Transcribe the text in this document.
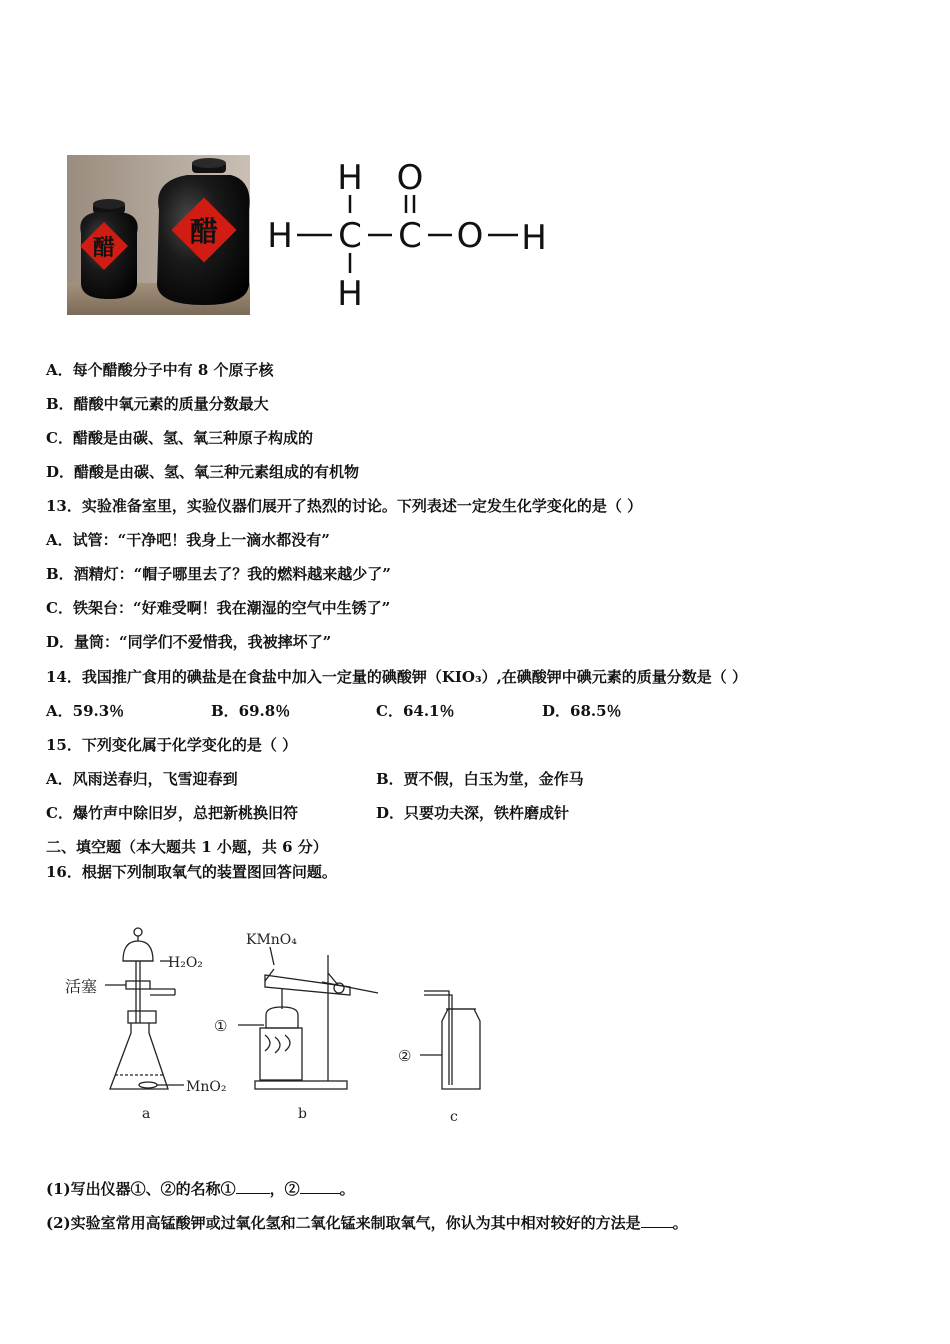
醋	醋
H O
H C C O H
H
A．每个醋酸分子中有 8 个原子核
B．醋酸中氧元素的质量分数最大
C．醋酸是由碳、氢、氧三种原子构成的
D．醋酸是由碳、氢、氧三种元素组成的有机物
13．实验准备室里，实验仪器们展开了热烈的讨论。下列表述一定发生化学变化的是（ ）
A．试管：“干净吧！我身上一滴水都没有”
B．酒精灯：“帽子哪里去了？我的燃料越来越少了”
C．铁架台：“好难受啊！我在潮湿的空气中生锈了”
D．量筒：“同学们不爱惜我，我被摔坏了”
14．我国推广食用的碘盐是在食盐中加入一定量的碘酸钾（KIO₃）,在碘酸钾中碘元素的质量分数是（ ）
A．59.3％	B．69.8％	C．64.1％	D．68.5％
15．下列变化属于化学变化的是（ ）
A．风雨送春归，飞雪迎春到	B．贾不假，白玉为堂，金作马
C．爆竹声中除旧岁，总把新桃换旧符	D．只要功夫深，铁杵磨成针
二、填空题（本大题共 1 小题，共 6 分）
16．根据下列制取氧气的装置图回答问题。
H₂O₂
活塞
MnO₂
KMnO₄
①
②
a	b	c
(1)写出仪器①、②的名称① ，②	。
(2)实验室常用高锰酸钾或过氧化氢和二氧化锰来制取氧气，你认为其中相对较好的方法是 。
